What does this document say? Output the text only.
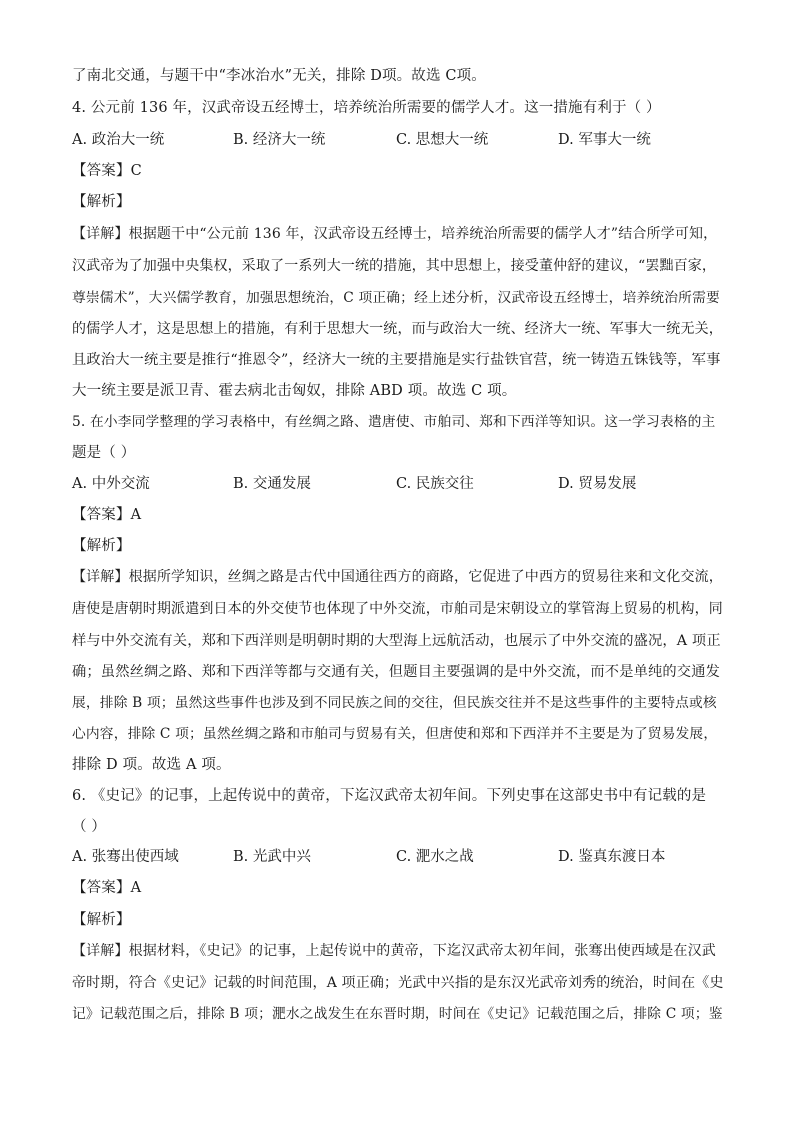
了南北交通，与题干中“李冰治水”无关，排除 D项。故选 C项。
4. 公元前 136 年，汉武帝设五经博士，培养统治所需要的儒学人才。这一措施有利于（ ）
A. 政治大一统	B. 经济大一统	C. 思想大一统	D. 军事大一统
【答案】C
【解析】
【详解】根据题干中“公元前 136 年，汉武帝设五经博士，培养统治所需要的儒学人才”结合所学可知，
汉武帝为了加强中央集权，采取了一系列大一统的措施，其中思想上，接受董仲舒的建议，“罢黜百家，
尊崇儒术”，大兴儒学教育，加强思想统治，C 项正确；经上述分析，汉武帝设五经博士，培养统治所需要
的儒学人才，这是思想上的措施，有利于思想大一统，而与政治大一统、经济大一统、军事大一统无关，
且政治大一统主要是推行“推恩令”，经济大一统的主要措施是实行盐铁官营，统一铸造五铢钱等，军事
大一统主要是派卫青、霍去病北击匈奴，排除 ABD 项。故选 C 项。
5. 在小李同学整理的学习表格中，有丝绸之路、遣唐使、市舶司、郑和下西洋等知识。这一学习表格的主
题是（ ）
A. 中外交流	B. 交通发展	C. 民族交往	D. 贸易发展
【答案】A
【解析】
【详解】根据所学知识，丝绸之路是古代中国通往西方的商路，它促进了中西方的贸易往来和文化交流，
唐使是唐朝时期派遣到日本的外交使节也体现了中外交流，市舶司是宋朝设立的掌管海上贸易的机构，同
样与中外交流有关，郑和下西洋则是明朝时期的大型海上远航活动，也展示了中外交流的盛况，A 项正
确；虽然丝绸之路、郑和下西洋等都与交通有关，但题目主要强调的是中外交流，而不是单纯的交通发
展，排除 B 项；虽然这些事件也涉及到不同民族之间的交往，但民族交往并不是这些事件的主要特点或核
心内容，排除 C 项；虽然丝绸之路和市舶司与贸易有关，但唐使和郑和下西洋并不主要是为了贸易发展，
排除 D 项。故选 A 项。
6. 《史记》的记事，上起传说中的黄帝，下迄汉武帝太初年间。下列史事在这部史书中有记载的是
（ ）
A. 张骞出使西域	B. 光武中兴	C. 淝水之战	D. 鉴真东渡日本
【答案】A
【解析】
【详解】根据材料，《史记》的记事，上起传说中的黄帝，下迄汉武帝太初年间，张骞出使西域是在汉武
帝时期，符合《史记》记载的时间范围，A 项正确；光武中兴指的是东汉光武帝刘秀的统治，时间在《史
记》记载范围之后，排除 B 项；淝水之战发生在东晋时期，时间在《史记》记载范围之后，排除 C 项；鉴
